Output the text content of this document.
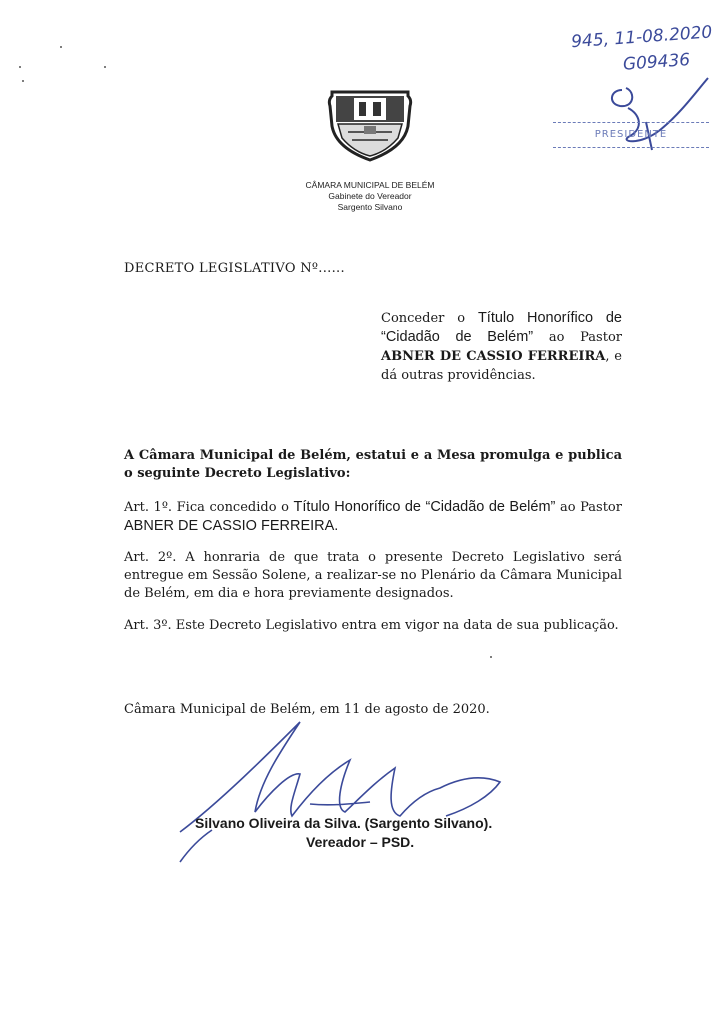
945, 11-08.2020
G09436
PRESIDENTE
CÂMARA MUNICIPAL DE BELÉM
Gabinete do Vereador
Sargento Silvano
DECRETO LEGISLATIVO Nº......
Conceder o Título Honorífico de “Cidadão de Belém” ao Pastor ABNER DE CASSIO FERREIRA, e dá outras providências.
A Câmara Municipal de Belém, estatui e a Mesa promulga e publica o seguinte Decreto Legislativo:
Art. 1º. Fica concedido o Título Honorífico de “Cidadão de Belém” ao Pastor ABNER DE CASSIO FERREIRA.
Art. 2º. A honraria de que trata o presente Decreto Legislativo será entregue em Sessão Solene, a realizar-se no Plenário da Câmara Municipal de Belém, em dia e hora previamente designados.
Art. 3º. Este Decreto Legislativo entra em vigor na data de sua publicação.
Câmara Municipal de Belém, em 11 de agosto de 2020.
Silvano Oliveira da Silva. (Sargento Silvano).
Vereador – PSD.
